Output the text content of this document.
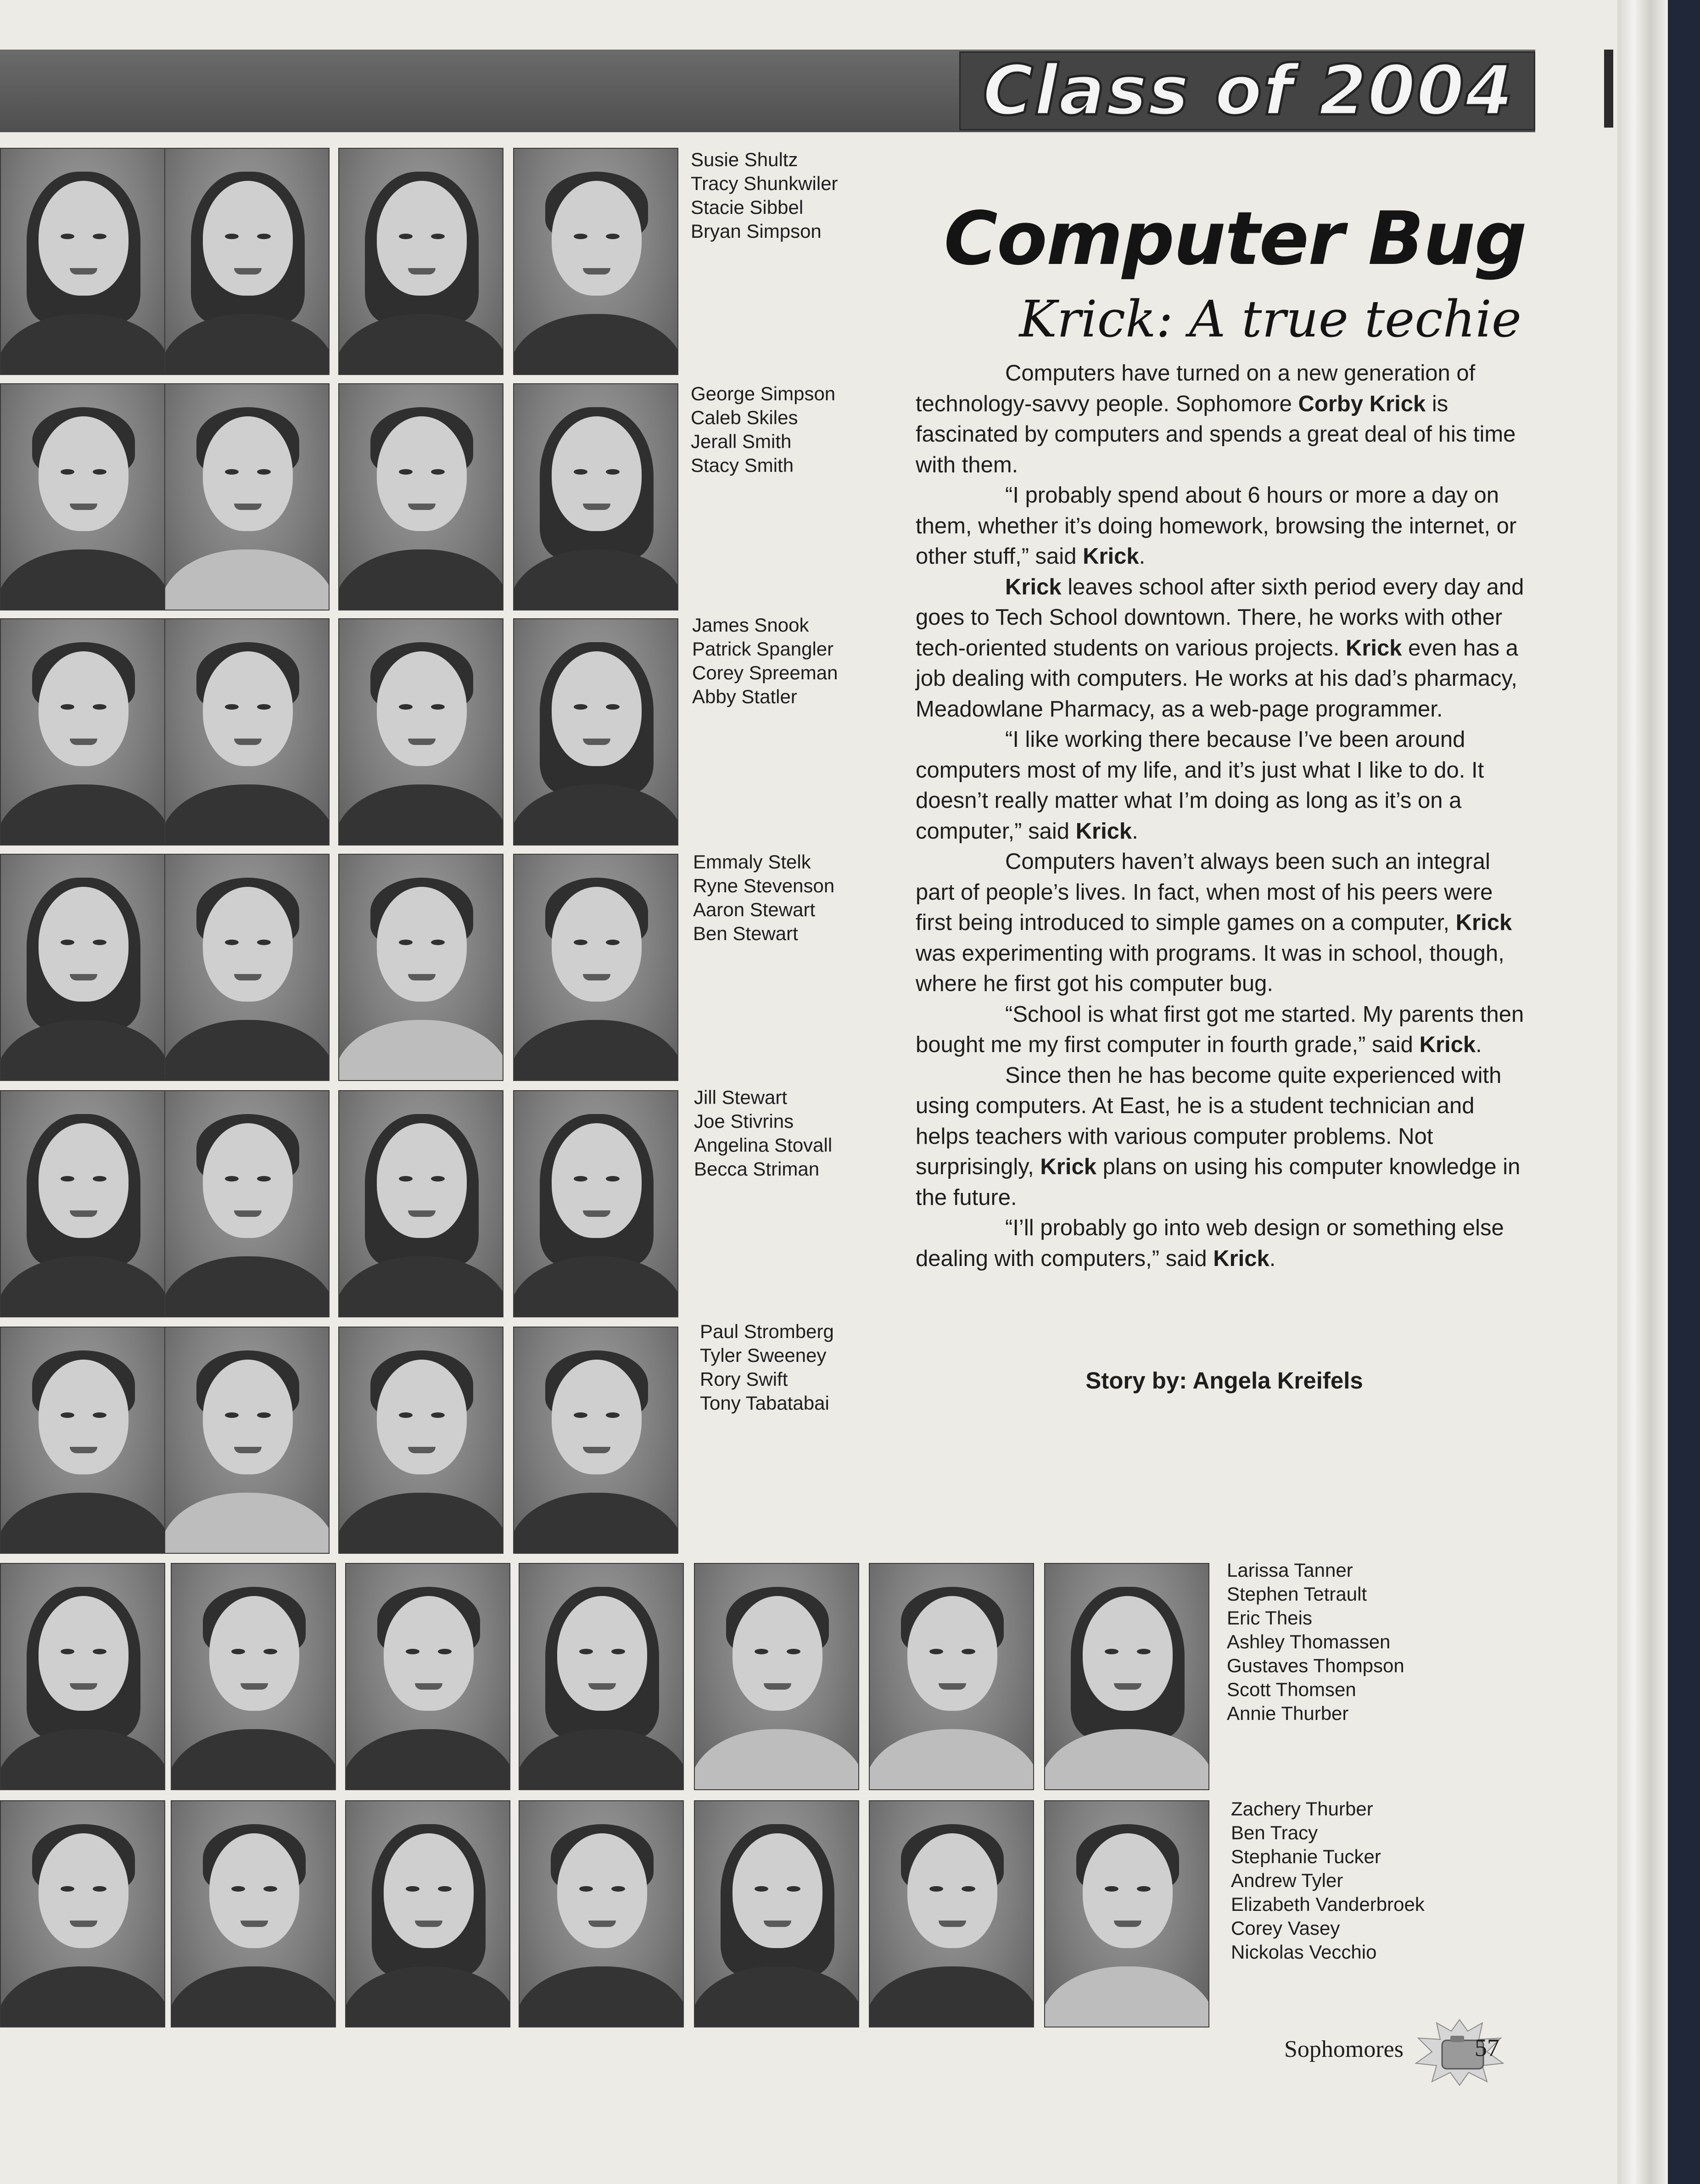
Class of 2004
Susie Shultz
Tracy Shunkwiler
Stacie Sibbel
Bryan Simpson
George Simpson
Caleb Skiles
Jerall Smith
Stacy Smith
James Snook
Patrick Spangler
Corey Spreeman
Abby Statler
Emmaly Stelk
Ryne Stevenson
Aaron Stewart
Ben Stewart
Jill Stewart
Joe Stivrins
Angelina Stovall
Becca Striman
Paul Stromberg
Tyler Sweeney
Rory Swift
Tony Tabatabai
Larissa Tanner
Stephen Tetrault
Eric Theis
Ashley Thomassen
Gustaves Thompson
Scott Thomsen
Annie Thurber
Zachery Thurber
Ben Tracy
Stephanie Tucker
Andrew Tyler
Elizabeth Vanderbroek
Corey Vasey
Nickolas Vecchio
Computer Bug
Krick: A true techie

Computers have turned on a new generation of technology-savvy people. Sophomore Corby Krick is fascinated by computers and spends a great deal of his time with them.

“I probably spend about 6 hours or more a day on them, whether it’s doing homework, browsing the internet, or other stuff,” said Krick.

Krick leaves school after sixth period every day and goes to Tech School downtown. There, he works with other tech-oriented students on various projects. Krick even has a job dealing with computers. He works at his dad’s pharmacy, Meadowlane Pharmacy, as a web-page programmer.

“I like working there because I’ve been around computers most of my life, and it’s just what I like to do. It doesn’t really matter what I’m doing as long as it’s on a computer,” said Krick.

Computers haven’t always been such an integral part of people’s lives. In fact, when most of his peers were first being introduced to simple games on a computer, Krick was experimenting with programs. It was in school, though, where he first got his computer bug.

“School is what first got me started. My parents then bought me my first computer in fourth grade,” said Krick.

Since then he has become quite experienced with using computers. At East, he is a student technician and helps teachers with various computer problems. Not surprisingly, Krick plans on using his computer knowledge in the future.

“I’ll probably go into web design or something else dealing with computers,” said Krick.

Story by: Angela Kreifels
Sophomores	57
